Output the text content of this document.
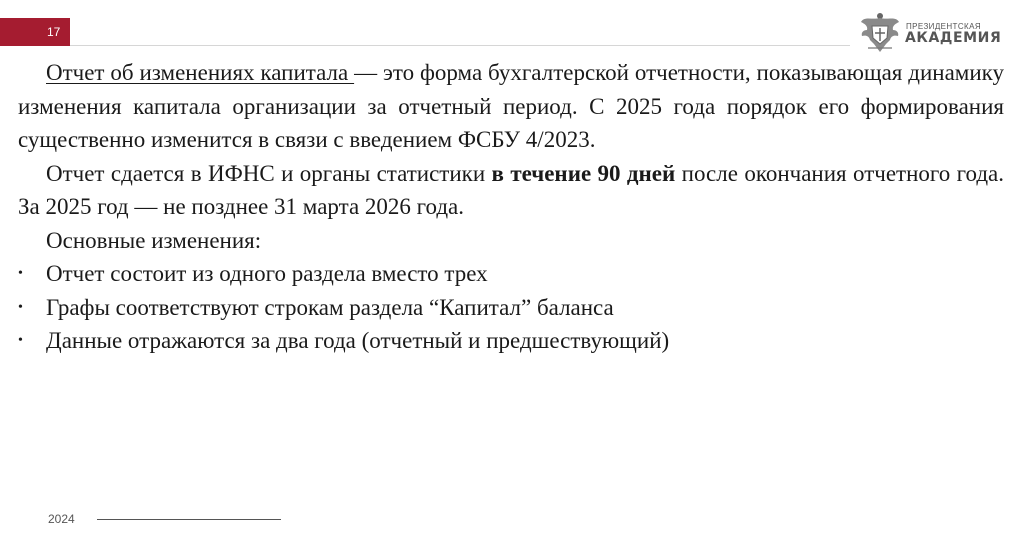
17	ПРЕЗИДЕНТСКАЯ
АКАДЕМИЯ

Отчет об изменениях капитала — это форма бухгалтерской отчетности, показывающая динамику изменения капитала организации за отчетный период. С 2025 года порядок его формирования существенно изменится в связи с введением ФСБУ 4/2023.

Отчет сдается в ИФНС и органы статистики в течение 90 дней после окончания отчетного года. За 2025 год — не позднее 31 марта 2026 года.

Основные изменения:

• Отчет состоит из одного раздела вместо трех
• Графы соответствуют строкам раздела “Капитал” баланса
• Данные отражаются за два года (отчетный и предшествующий)
2024
